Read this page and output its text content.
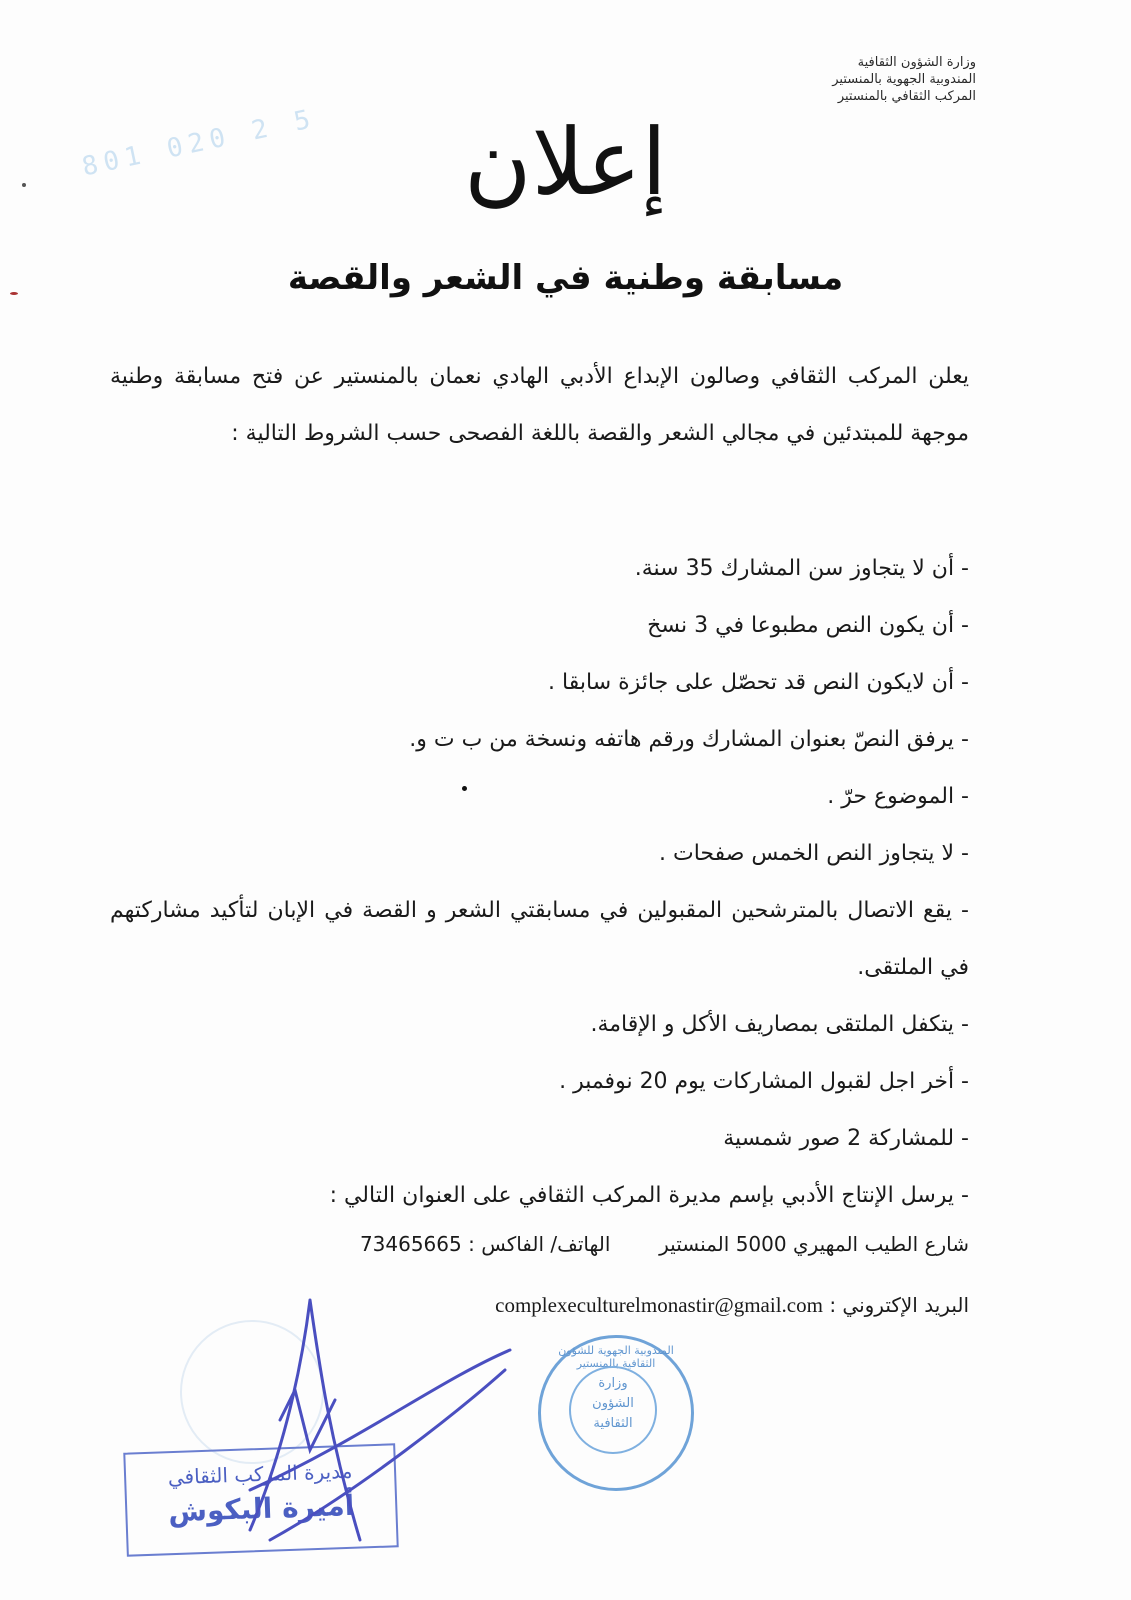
801 020 2 5
وزارة الشؤون الثقافية
المندوبية الجهوية بالمنستير
المركب الثقافي بالمنستير
إعلان
مسابقة وطنية في الشعر والقصة
يعلن المركب الثقافي وصالون الإبداع الأدبي الهادي نعمان بالمنستير عن فتح مسابقة وطنية موجهة للمبتدئين في مجالي الشعر والقصة باللغة الفصحى حسب الشروط التالية :
- أن لا يتجاوز سن المشارك 35 سنة.
- أن يكون النص مطبوعا في 3 نسخ
- أن لايكون النص قد تحصّل على جائزة سابقا .
- يرفق النصّ بعنوان المشارك ورقم هاتفه ونسخة من ب ت و.
- الموضوع حرّ .
- لا يتجاوز النص الخمس صفحات .
- يقع الاتصال بالمترشحين المقبولين في مسابقتي الشعر و القصة في الإبان لتأكيد مشاركتهم في الملتقى.
- يتكفل الملتقى بمصاريف الأكل و الإقامة.
- أخر اجل لقبول المشاركات يوم 20 نوفمبر .
- للمشاركة 2 صور شمسية
- يرسل الإنتاج الأدبي بإسم مديرة المركب الثقافي على العنوان التالي :
شارع الطيب المهيري 5000 المنستير  الهاتف/ الفاكس : 73465665
البريد الإكتروني : complexeculturelmonastir@gmail.com
المندوبية الجهوية للشؤون الثقافية بالمنستير
وزارة
الشؤون
الثقافية
مديرة المركب الثقافي
أميرة البكوش
